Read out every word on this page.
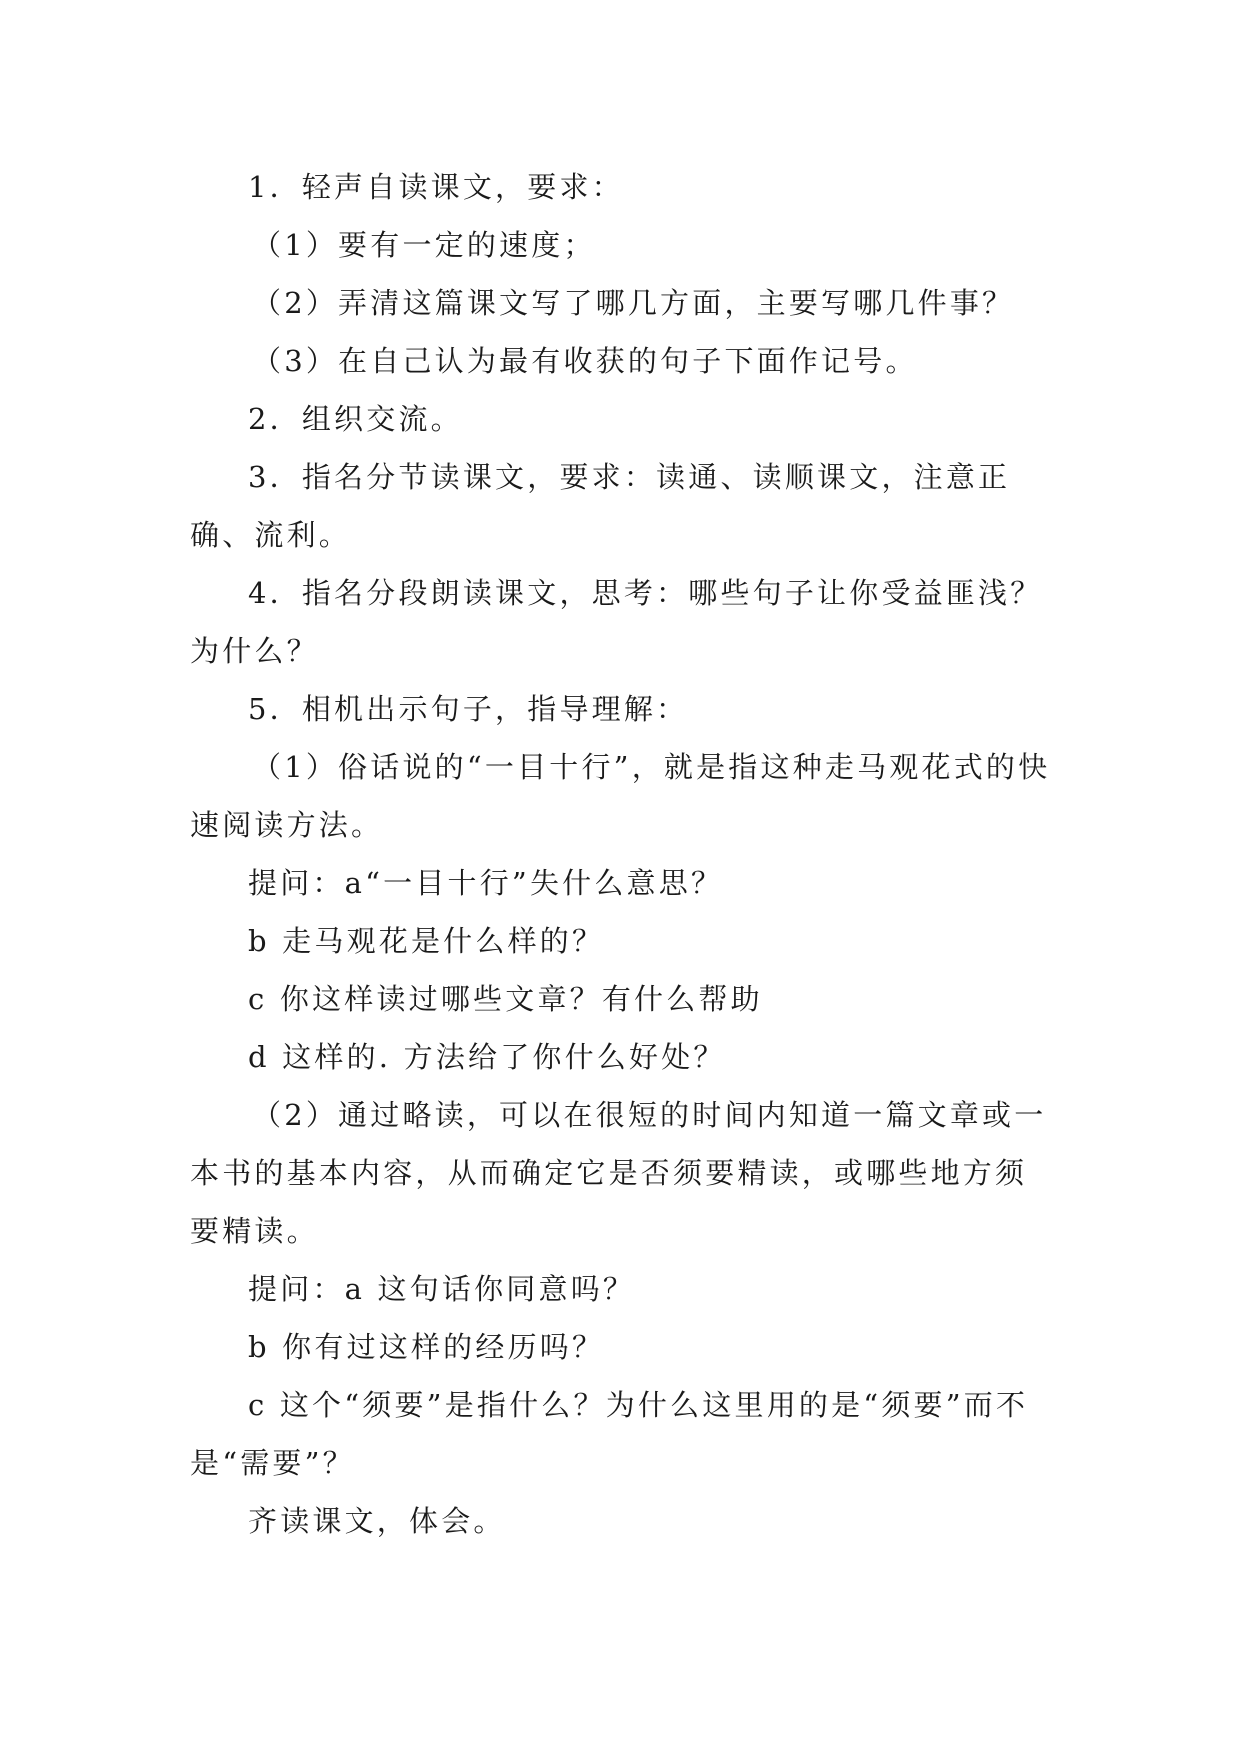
1．轻声自读课文，要求：

（1）要有一定的速度；

（2）弄清这篇课文写了哪几方面，主要写哪几件事？

（3）在自己认为最有收获的句子下面作记号。

2．组织交流。

3．指名分节读课文，要求：读通、读顺课文，注意正确、流利。

4．指名分段朗读课文，思考：哪些句子让你受益匪浅？为什么？

5．相机出示句子，指导理解：

（1）俗话说的“一目十行”，就是指这种走马观花式的快速阅读方法。

提问：a“一目十行”失什么意思？

b 走马观花是什么样的？

c 你这样读过哪些文章？有什么帮助

d 这样的. 方法给了你什么好处？

（2）通过略读，可以在很短的时间内知道一篇文章或一本书的基本内容，从而确定它是否须要精读，或哪些地方须要精读。

提问：a 这句话你同意吗？

b 你有过这样的经历吗？

c 这个“须要”是指什么？为什么这里用的是“须要”而不是“需要”？

齐读课文，体会。
